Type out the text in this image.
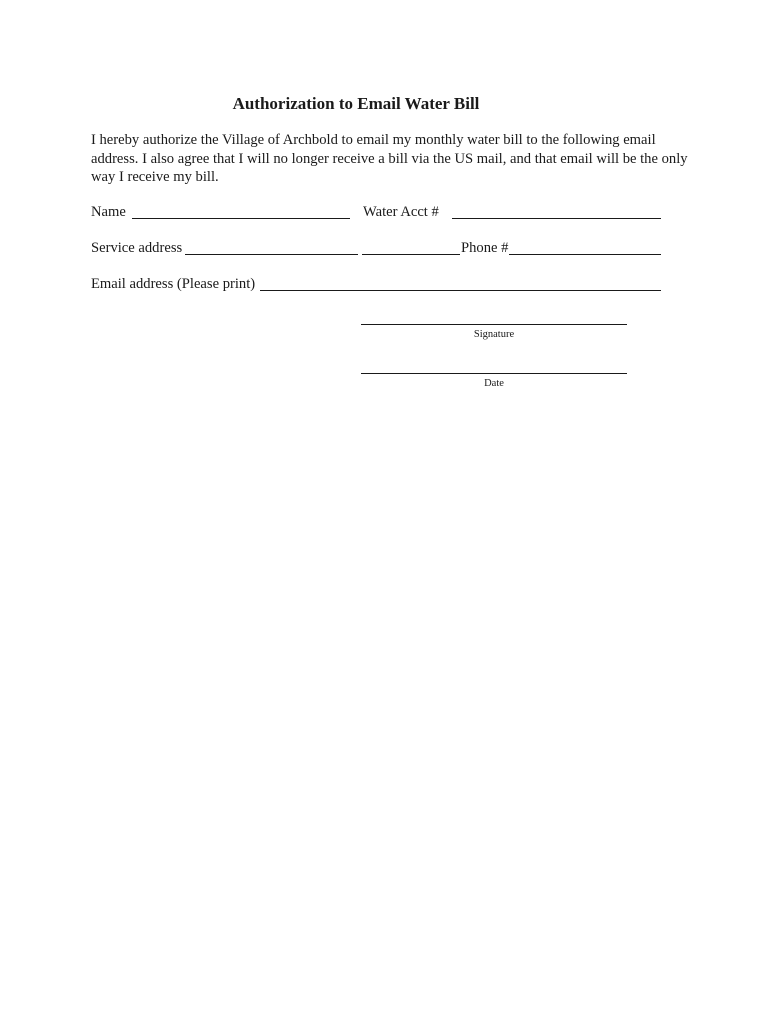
Authorization to Email Water Bill

I hereby authorize the Village of Archbold to email my monthly water bill to the following email address. I also agree that I will no longer receive a bill via the US mail, and that email will be the only way I receive my bill.

Name	Water Acct #
Service address	Phone #
Email address (Please print)
Signature
Date
